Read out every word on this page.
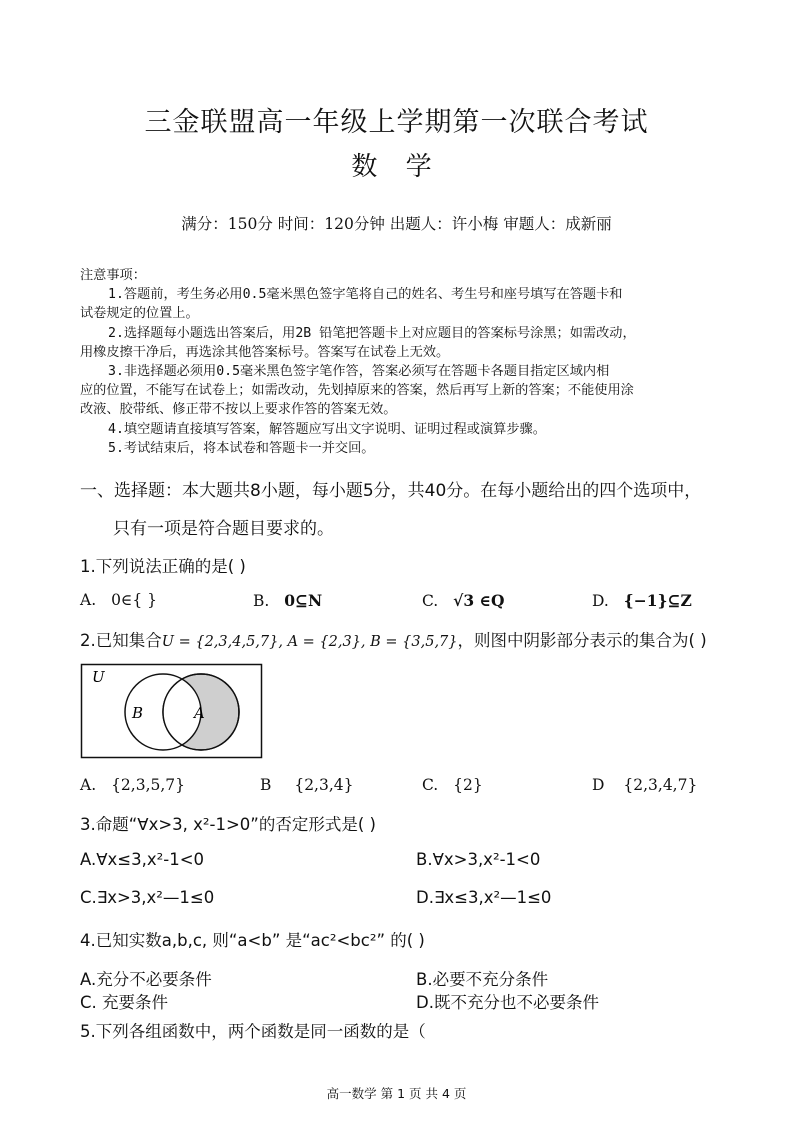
三金联盟高一年级上学期第一次联合考试
数 学
满分：150分 时间：120分钟 出题人：许小梅 审题人：成新丽
注意事项：
1.答题前，考生务必用0.5毫米黑色签字笔将自己的姓名、考生号和座号填写在答题卡和
试卷规定的位置上。
2.选择题每小题选出答案后，用2B 铅笔把答题卡上对应题目的答案标号涂黑；如需改动，
用橡皮擦干净后，再选涂其他答案标号。答案写在试卷上无效。
3.非选择题必须用0.5毫米黑色签字笔作答，答案必须写在答题卡各题目指定区域内相
应的位置，不能写在试卷上；如需改动，先划掉原来的答案，然后再写上新的答案；不能使用涂
改液、胶带纸、修正带不按以上要求作答的答案无效。
4.填空题请直接填写答案，解答题应写出文字说明、证明过程或演算步骤。
5.考试结束后，将本试卷和答题卡一并交回。
一、选择题：本大题共8小题，每小题5分，共40分。在每小题给出的四个选项中，
只有一项是符合题目要求的。
1.下列说法正确的是( )
A. 0∈{ }	B. 0⊆N	C. √3 ∈Q	D. {−1}⊆Z
2.已知集合U = {2,3,4,5,7}, A = {2,3}, B = {3,5,7}，则图中阴影部分表示的集合为( )
U
B	A
A. {2,3,5,7}	B {2,3,4}	C. {2}	D {2,3,4,7}
3.命题“∀x>3, x²-1>0”的否定形式是( )
A.∀x≤3,x²-1<0	B.∀x>3,x²-1<0
C.∃x>3,x²—1≤0	D.∃x≤3,x²—1≤0
4.已知实数a,b,c, 则“a<b” 是“ac²<bc²” 的( )
A.充分不必要条件	B.必要不充分条件
C. 充要条件	D.既不充分也不必要条件
5.下列各组函数中，两个函数是同一函数的是（
高一数学 第 1 页 共 4 页
